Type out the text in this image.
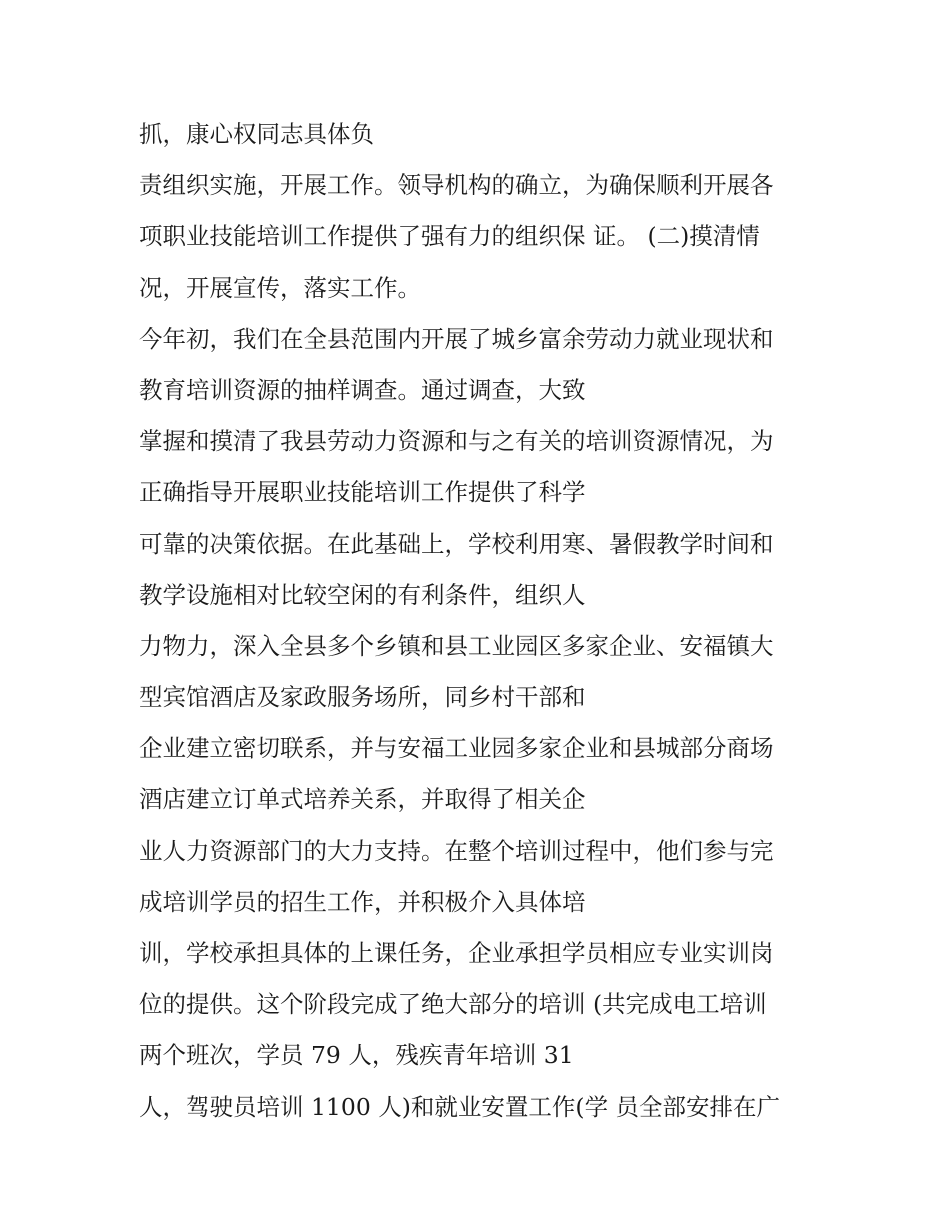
抓，康心权同志具体负
责组织实施，开展工作。领导机构的确立，为确保顺利开展各
项职业技能培训工作提供了强有力的组织保 证。 (二)摸清情
况，开展宣传，落实工作。
今年初，我们在全县范围内开展了城乡富余劳动力就业现状和
教育培训资源的抽样调查。通过调查，大致
掌握和摸清了我县劳动力资源和与之有关的培训资源情况，为
正确指导开展职业技能培训工作提供了科学
可靠的决策依据。在此基础上，学校利用寒、暑假教学时间和
教学设施相对比较空闲的有利条件，组织人
力物力，深入全县多个乡镇和县工业园区多家企业、安福镇大
型宾馆酒店及家政服务场所，同乡村干部和
企业建立密切联系，并与安福工业园多家企业和县城部分商场
酒店建立订单式培养关系，并取得了相关企
业人力资源部门的大力支持。在整个培训过程中，他们参与完
成培训学员的招生工作，并积极介入具体培
训，学校承担具体的上课任务，企业承担学员相应专业实训岗
位的提供。这个阶段完成了绝大部分的培训 (共完成电工培训
两个班次，学员 79 人，残疾青年培训 31
人，驾驶员培训 1100 人)和就业安置工作(学 员全部安排在广
